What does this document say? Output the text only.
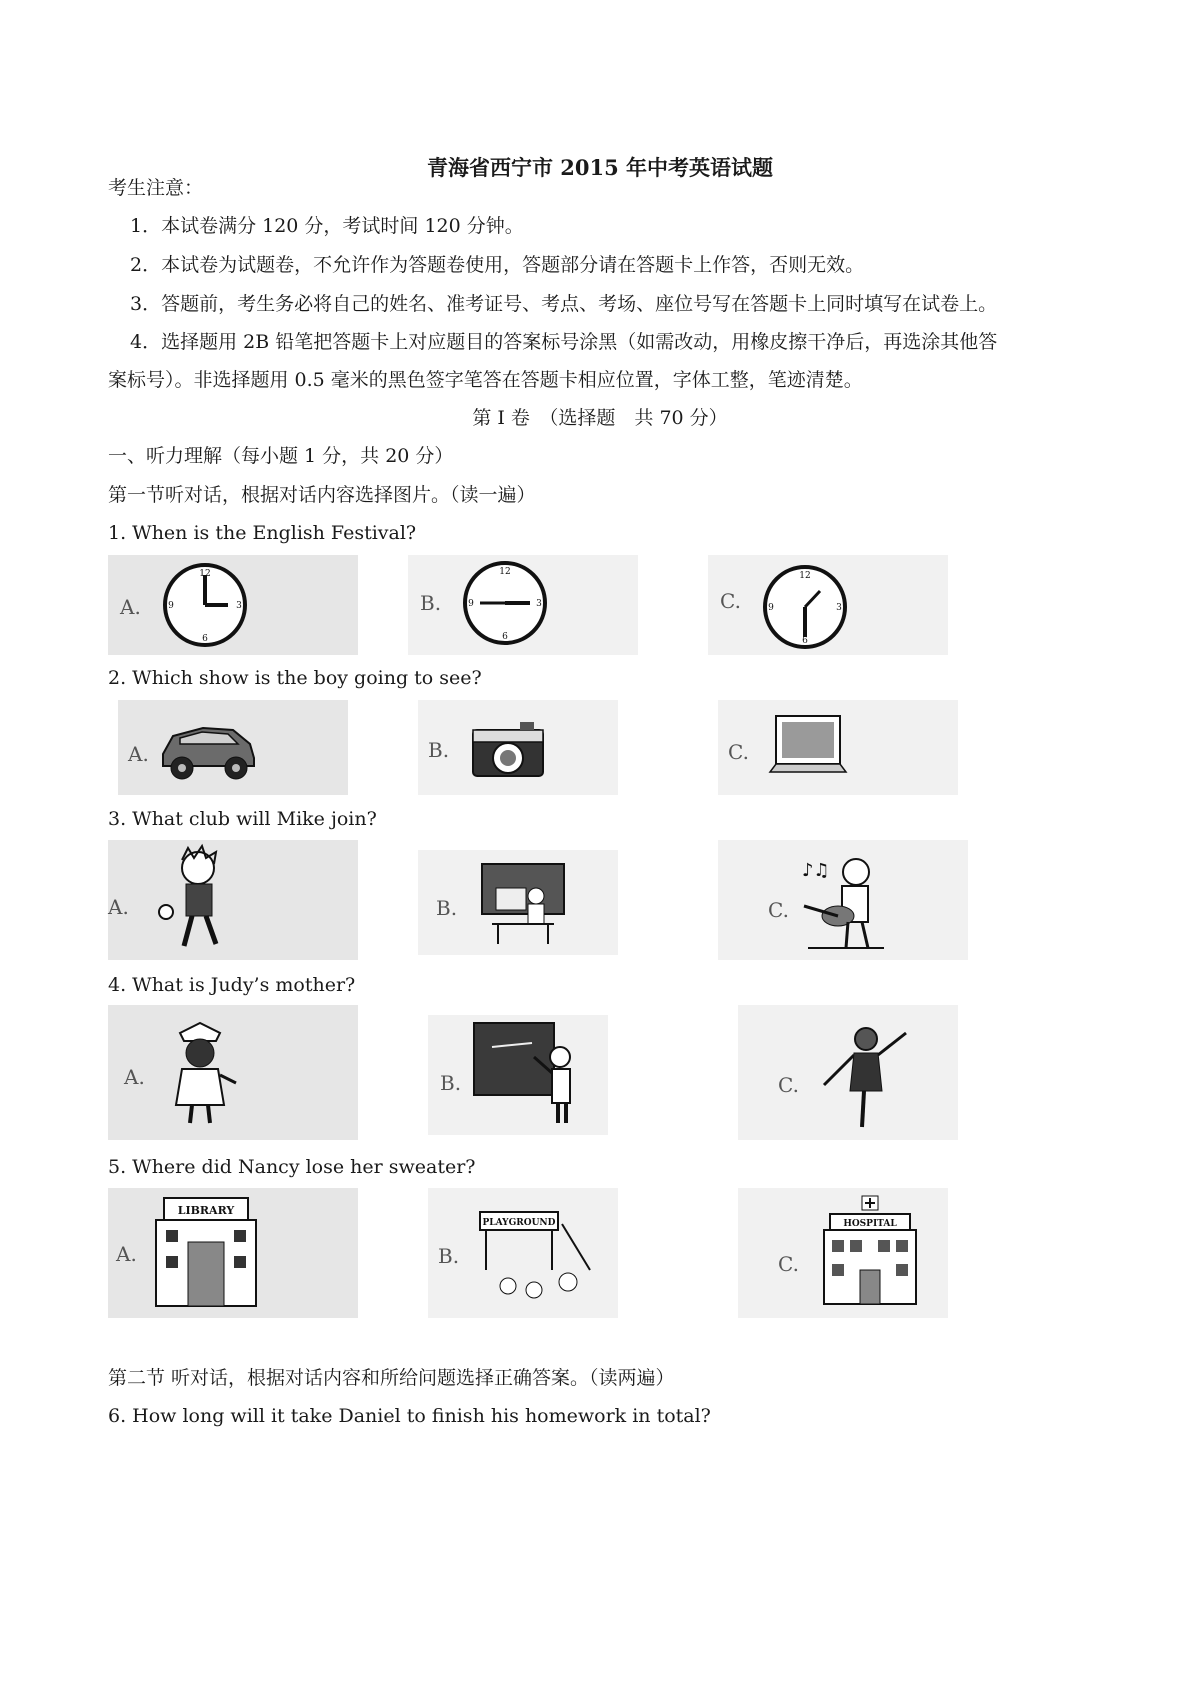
青海省西宁市 2015 年中考英语试题
考生注意：
1．本试卷满分 120 分，考试时间 120 分钟。
2．本试卷为试题卷，不允许作为答题卷使用，答题部分请在答题卡上作答，否则无效。
3．答题前，考生务必将自己的姓名、准考证号、考点、考场、座位号写在答题卡上同时填写在试卷上。
4．选择题用 2B 铅笔把答题卡上对应题目的答案标号涂黑（如需改动，用橡皮擦干净后，再选涂其他答
案标号）。非选择题用 0.5 毫米的黑色签字笔答在答题卡相应位置，字体工整，笔迹清楚。
第 I 卷　（选择题　共 70 分）
一、听力理解（每小题 1 分，共 20 分）
第一节听对话，根据对话内容选择图片。（读一遍）
1. When is the English Festival?
A.
12
3
6
9	B.
12
3
6
9	C.
12
3
6
9
2. Which show is the boy going to see?
A.	B.	C.
3. What club will Mike join?
A.	B.	C.
♪♫
4. What is Judy’s mother?
A.	B.	C.
5. Where did Nancy lose her sweater?
A.
LIBRARY
B.
PLAYGROUND
C.
HOSPITAL
第二节 听对话，根据对话内容和所给问题选择正确答案。（读两遍）
6. How long will it take Daniel to finish his homework in total?
